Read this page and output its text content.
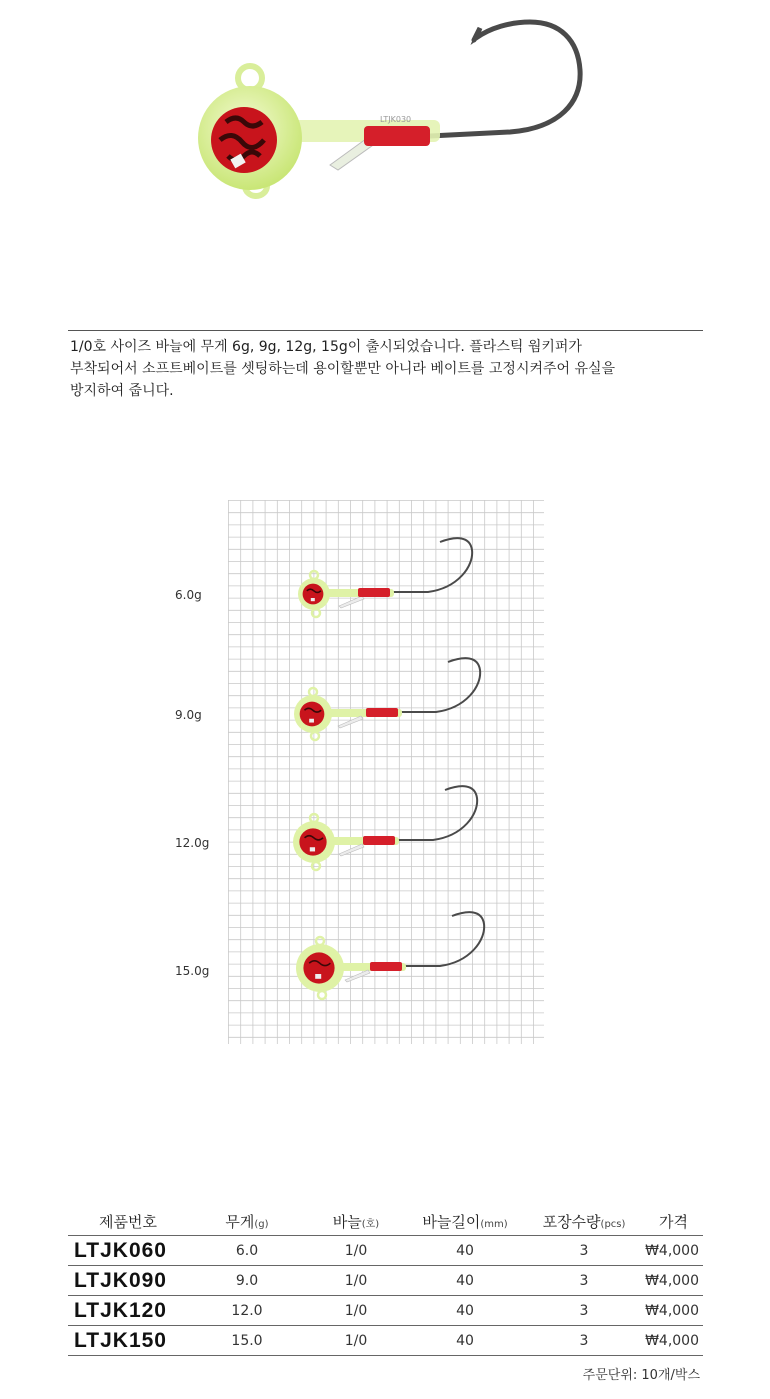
LTJK030

1/0호 사이즈 바늘에 무게 6g, 9g, 12g, 15g이 출시되었습니다. 플라스틱 웜키퍼가

부착되어서 소프트베이트를 셋팅하는데 용이할뿐만 아니라 베이트를 고정시켜주어 유실을

방지하여 줍니다.

6.0g
9.0g
12.0g
15.0g
제품번호	무게(g)	바늘(호)	바늘길이(mm)	포장수량(pcs)	가격
LTJK060	6.0	1/0	40	3	₩4,000
LTJK090	9.0	1/0	40	3	₩4,000
LTJK120	12.0	1/0	40	3	₩4,000
LTJK150	15.0	1/0	40	3	₩4,000
주문단위: 10개/박스
